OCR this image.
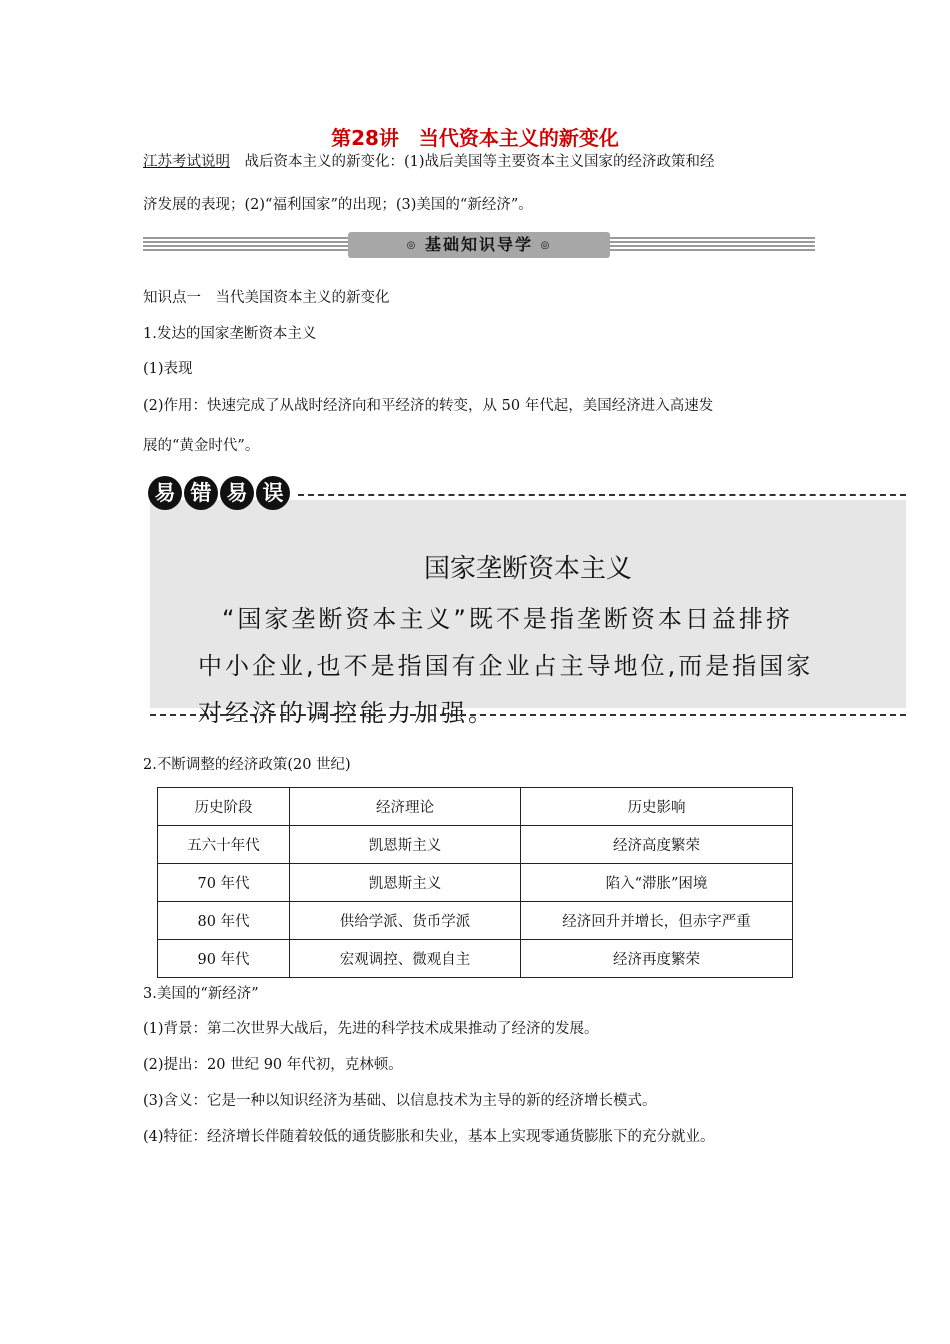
第28讲　当代资本主义的新变化
江苏考试说明　战后资本主义的新变化：(1)战后美国等主要资本主义国家的经济政策和经
济发展的表现；(2)“福利国家”的出现；(3)美国的“新经济”。
◎ 基础知识导学 ◎
知识点一　当代美国资本主义的新变化
1.发达的国家垄断资本主义
(1)表现
(2)作用：快速完成了从战时经济向和平经济的转变，从 50 年代起，美国经济进入高速发
展的“黄金时代”。
国家垄断资本主义
“国家垄断资本主义”既不是指垄断资本日益排挤
中小企业,也不是指国有企业占主导地位,而是指国家
对经济的调控能力加强。
易 错 易 误
2.不断调整的经济政策(20 世纪)
历史阶段	经济理论	历史影响
五六十年代	凯恩斯主义	经济高度繁荣
70 年代	凯恩斯主义	陷入“滞胀”困境
80 年代	供给学派、货币学派	经济回升并增长，但赤字严重
90 年代	宏观调控、微观自主	经济再度繁荣
3.美国的“新经济”
(1)背景：第二次世界大战后，先进的科学技术成果推动了经济的发展。
(2)提出：20 世纪 90 年代初，克林顿。
(3)含义：它是一种以知识经济为基础、以信息技术为主导的新的经济增长模式。
(4)特征：经济增长伴随着较低的通货膨胀和失业，基本上实现零通货膨胀下的充分就业。
